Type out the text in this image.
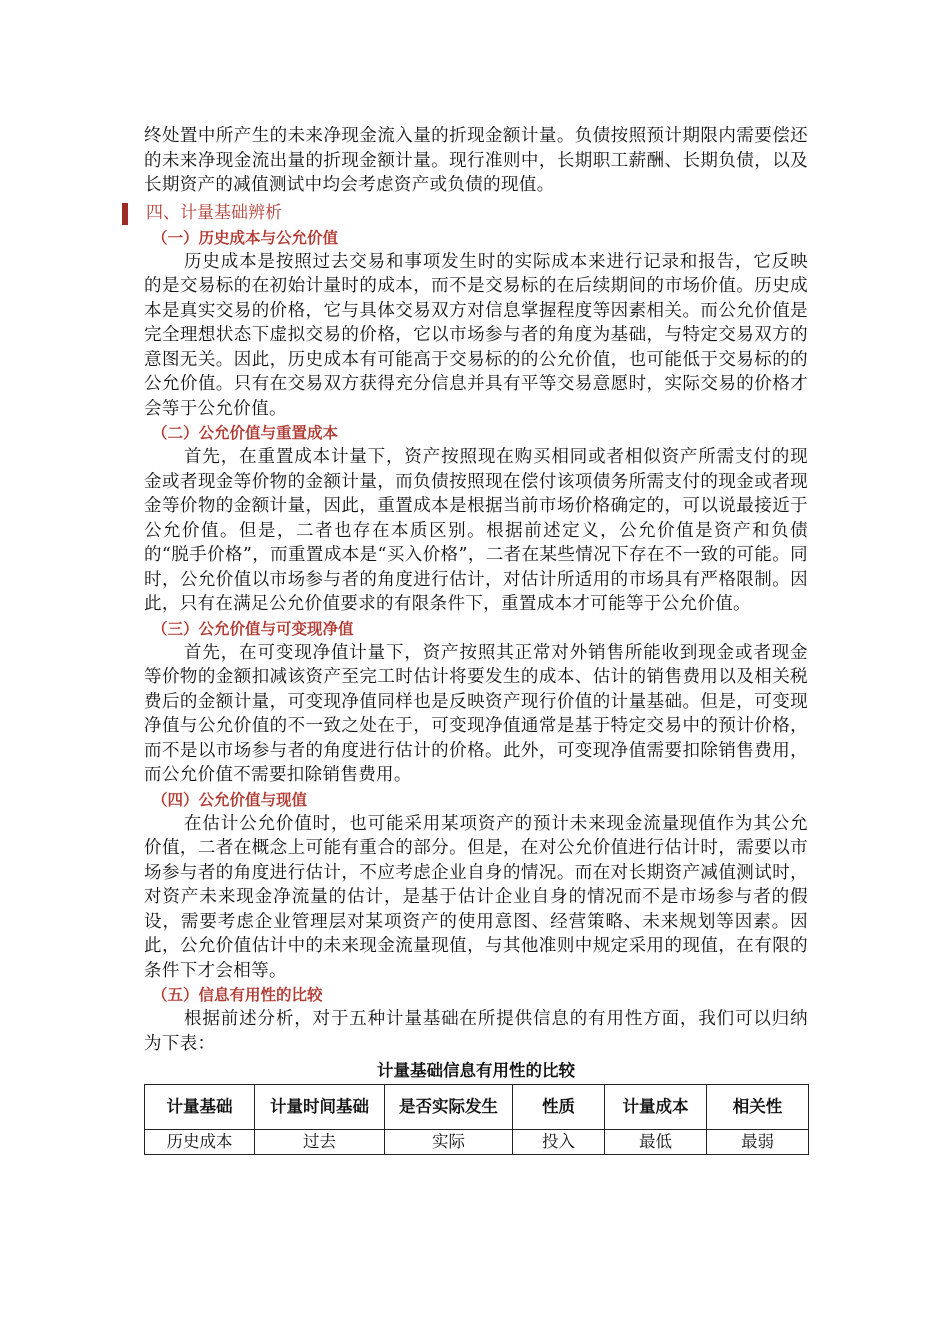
终处置中所产生的未来净现金流入量的折现金额计量。负债按照预计期限内需要偿还的未来净现金流出量的折现金额计量。现行准则中，长期职工薪酬、长期负债，以及长期资产的减值测试中均会考虑资产或负债的现值。

四、计量基础辨析
（一）历史成本与公允价值

历史成本是按照过去交易和事项发生时的实际成本来进行记录和报告，它反映的是交易标的在初始计量时的成本，而不是交易标的在后续期间的市场价值。历史成本是真实交易的价格，它与具体交易双方对信息掌握程度等因素相关。而公允价值是完全理想状态下虚拟交易的价格，它以市场参与者的角度为基础，与特定交易双方的意图无关。因此，历史成本有可能高于交易标的的公允价值，也可能低于交易标的的公允价值。只有在交易双方获得充分信息并具有平等交易意愿时，实际交易的价格才会等于公允价值。

（二）公允价值与重置成本

首先，在重置成本计量下，资产按照现在购买相同或者相似资产所需支付的现金或者现金等价物的金额计量，而负债按照现在偿付该项债务所需支付的现金或者现金等价物的金额计量，因此，重置成本是根据当前市场价格确定的，可以说最接近于公允价值。但是，二者也存在本质区别。根据前述定义，公允价值是资产和负债的“脱手价格”，而重置成本是“买入价格”，二者在某些情况下存在不一致的可能。同时，公允价值以市场参与者的角度进行估计，对估计所适用的市场具有严格限制。因此，只有在满足公允价值要求的有限条件下，重置成本才可能等于公允价值。

（三）公允价值与可变现净值

首先，在可变现净值计量下，资产按照其正常对外销售所能收到现金或者现金等价物的金额扣减该资产至完工时估计将要发生的成本、估计的销售费用以及相关税费后的金额计量，可变现净值同样也是反映资产现行价值的计量基础。但是，可变现净值与公允价值的不一致之处在于，可变现净值通常是基于特定交易中的预计价格，而不是以市场参与者的角度进行估计的价格。此外，可变现净值需要扣除销售费用，而公允价值不需要扣除销售费用。

（四）公允价值与现值

在估计公允价值时，也可能采用某项资产的预计未来现金流量现值作为其公允价值，二者在概念上可能有重合的部分。但是，在对公允价值进行估计时，需要以市场参与者的角度进行估计，不应考虑企业自身的情况。而在对长期资产减值测试时，对资产未来现金净流量的估计，是基于估计企业自身的情况而不是市场参与者的假设，需要考虑企业管理层对某项资产的使用意图、经营策略、未来规划等因素。因此，公允价值估计中的未来现金流量现值，与其他准则中规定采用的现值，在有限的条件下才会相等。

（五）信息有用性的比较

根据前述分析，对于五种计量基础在所提供信息的有用性方面，我们可以归纳为下表：

计量基础信息有用性的比较
计量基础	计量时间基础	是否实际发生	性质	计量成本	相关性
历史成本	过去	实际	投入	最低	最弱
